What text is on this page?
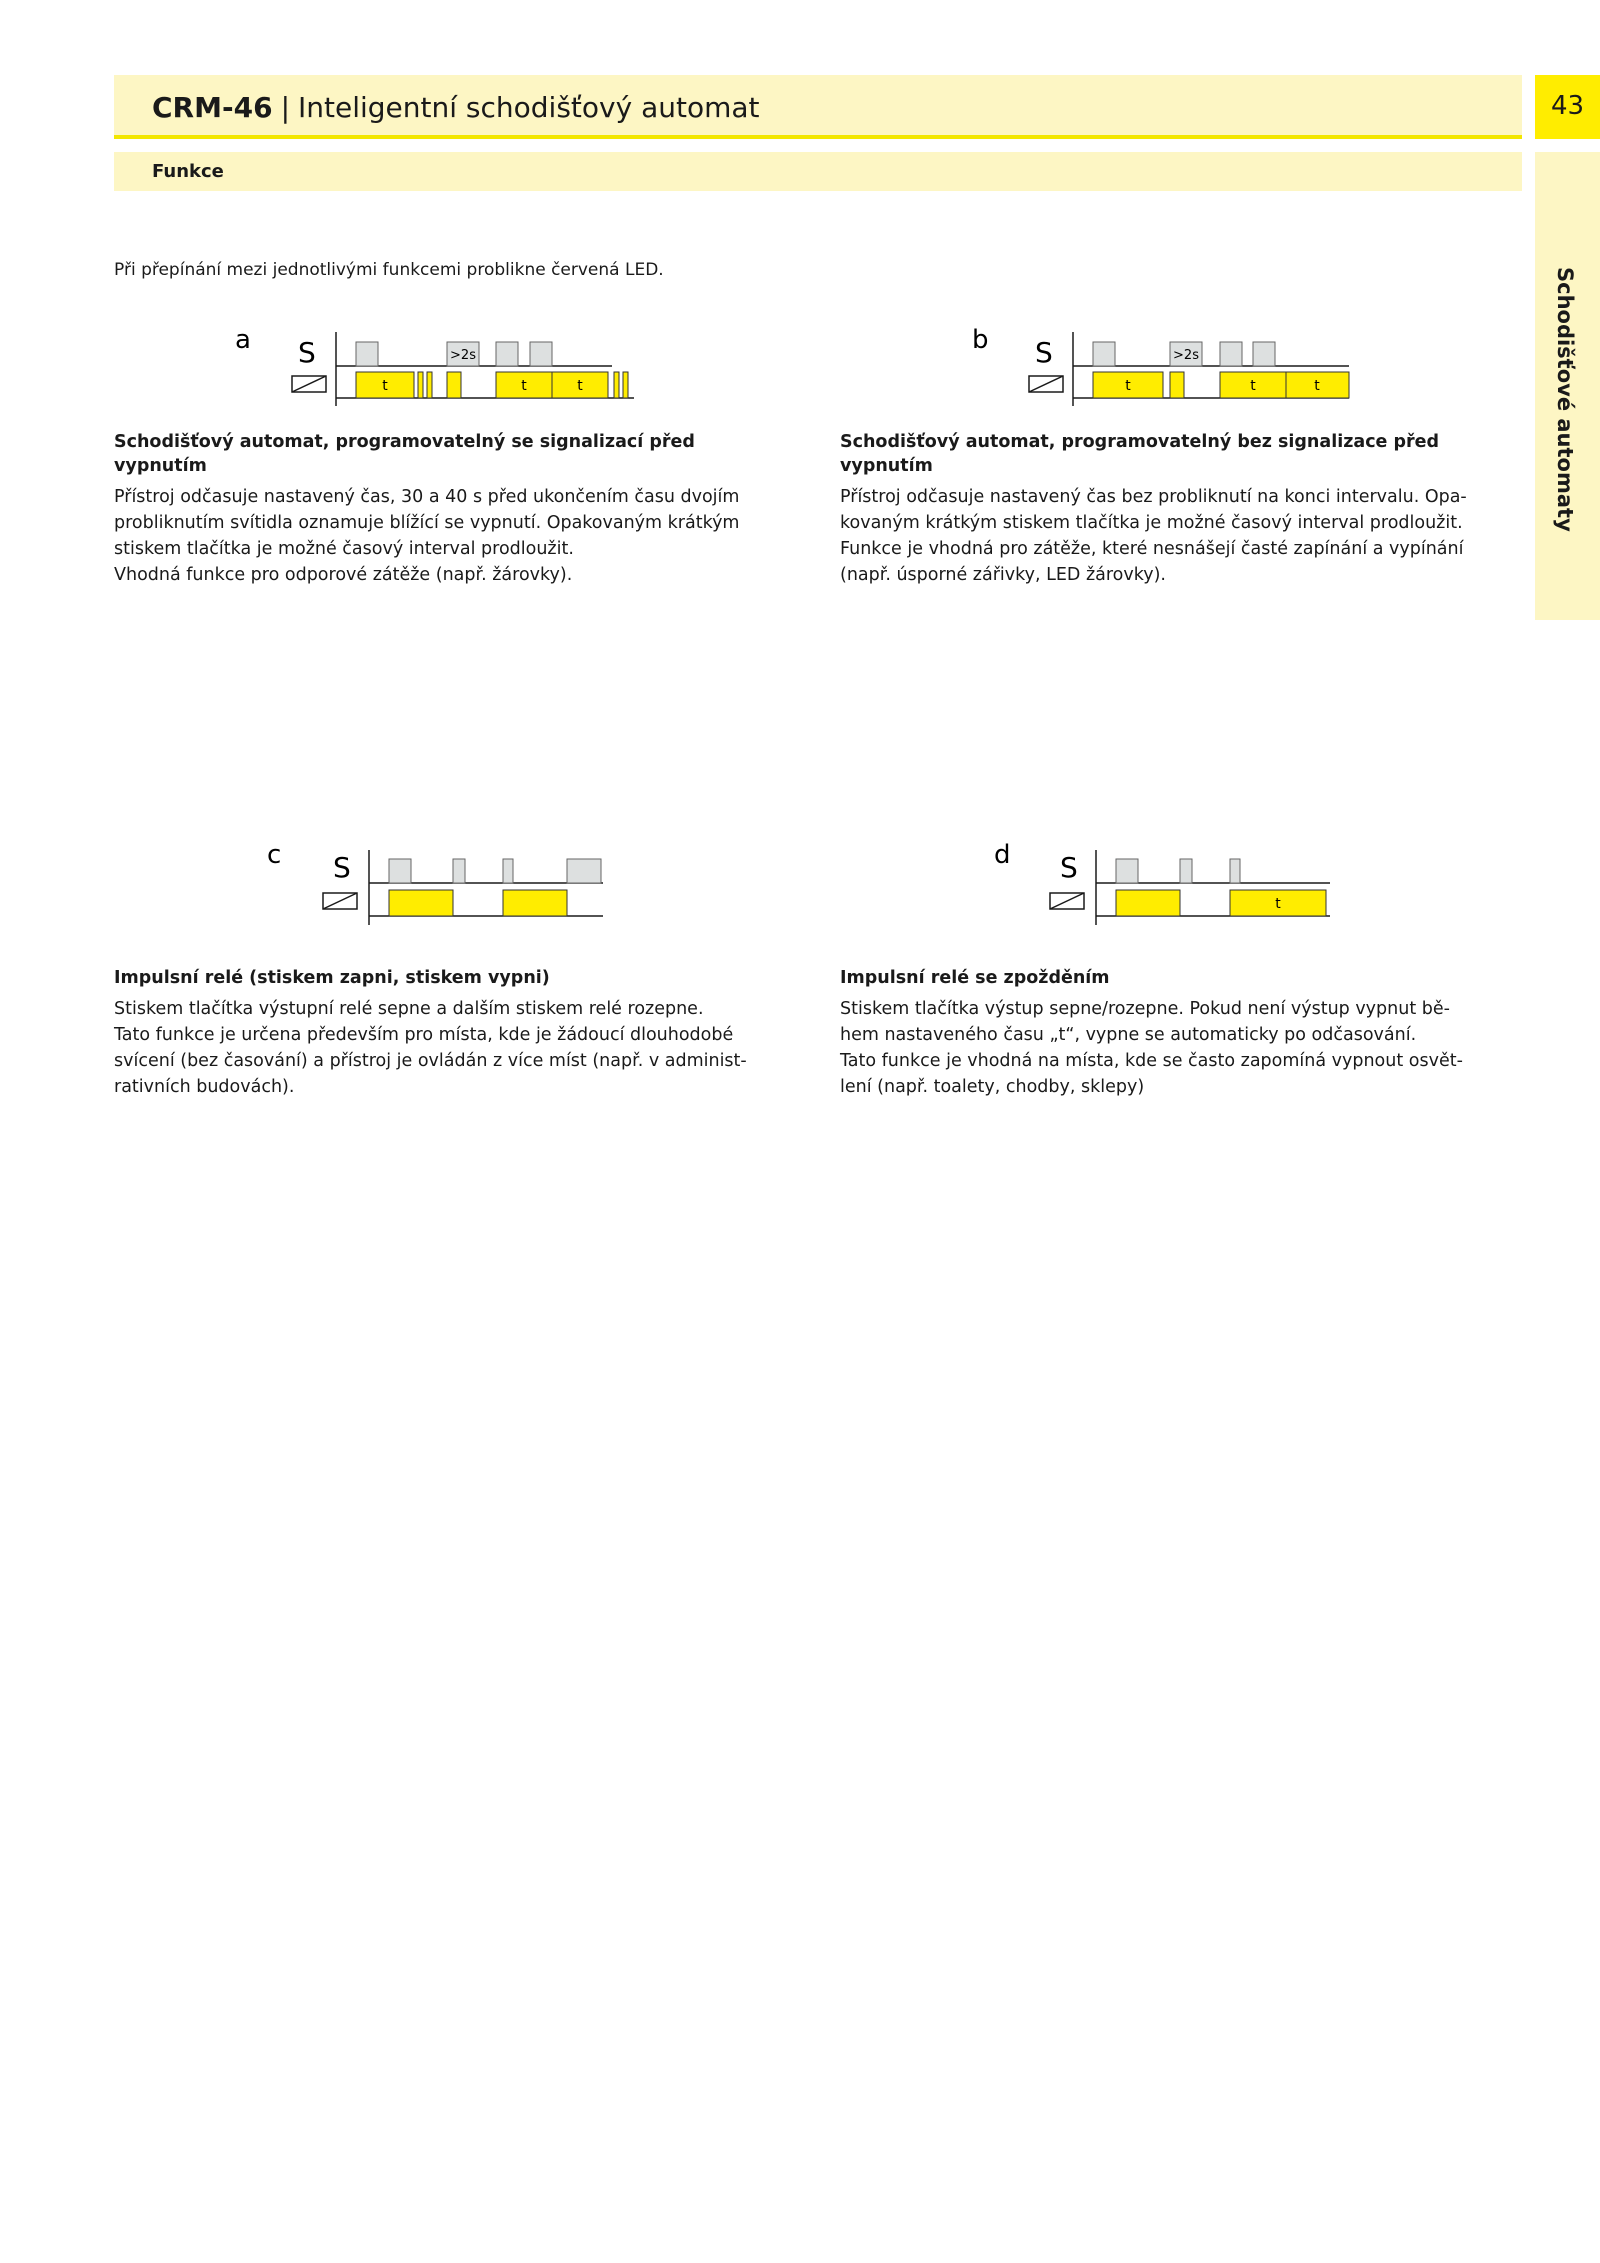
CRM-46 | Inteligentní schodišťový automat	43
Schodišťové automaty
Funkce
Při přepínání mezi jednotlivými funkcemi problikne červená LED.
a S	>2s
t	t	t
b S	>2s
t	t	t
c S	d S
t
Schodišťový automat, programovatelný se signalizací před vypnutím

Přístroj odčasuje nastavený čas, 30 a 40 s před ukončením času dvojím
probliknutím svítidla oznamuje blížící se vypnutí. Opakovaným krátkým
stiskem tlačítka je možné časový interval prodloužit.
Vhodná funkce pro odporové zátěže (např. žárovky).

Schodišťový automat, programovatelný bez signalizace před vypnutím

Přístroj odčasuje nastavený čas bez probliknutí na konci intervalu. Opa-
kovaným krátkým stiskem tlačítka je možné časový interval prodloužit.
Funkce je vhodná pro zátěže, které nesnášejí časté zapínání a vypínání
(např. úsporné zářivky, LED žárovky).

Impulsní relé (stiskem zapni, stiskem vypni)

Stiskem tlačítka výstupní relé sepne a dalším stiskem relé rozepne.
Tato funkce je určena především pro místa, kde je žádoucí dlouhodobé
svícení (bez časování) a přístroj je ovládán z více míst (např. v administ-
rativních budovách).

Impulsní relé se zpožděním

Stiskem tlačítka výstup sepne/rozepne. Pokud není výstup vypnut bě-
hem nastaveného času „t“, vypne se automaticky po odčasování.
Tato funkce je vhodná na místa, kde se často zapomíná vypnout osvět-
lení (např. toalety, chodby, sklepy)
